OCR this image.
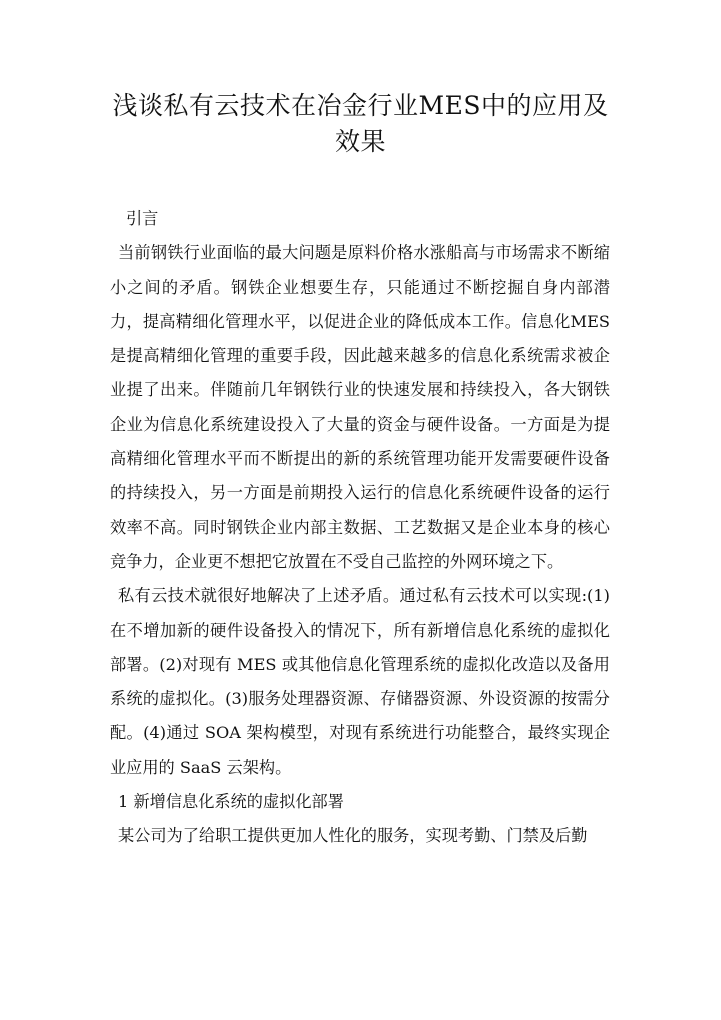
浅谈私有云技术在冶金行业MES中的应用及效果

引言

当前钢铁行业面临的最大问题是原料价格水涨船高与市场需求不断缩小之间的矛盾。钢铁企业想要生存，只能通过不断挖掘自身内部潜力，提高精细化管理水平，以促进企业的降低成本工作。信息化MES是提高精细化管理的重要手段，因此越来越多的信息化系统需求被企业提了出来。伴随前几年钢铁行业的快速发展和持续投入，各大钢铁企业为信息化系统建设投入了大量的资金与硬件设备。一方面是为提高精细化管理水平而不断提出的新的系统管理功能开发需要硬件设备的持续投入，另一方面是前期投入运行的信息化系统硬件设备的运行效率不高。同时钢铁企业内部主数据、工艺数据又是企业本身的核心竞争力，企业更不想把它放置在不受自己监控的外网环境之下。

私有云技术就很好地解决了上述矛盾。通过私有云技术可以实现:(1)在不增加新的硬件设备投入的情况下，所有新增信息化系统的虚拟化部署。(2)对现有 MES 或其他信息化管理系统的虚拟化改造以及备用系统的虚拟化。(3)服务处理器资源、存储器资源、外设资源的按需分配。(4)通过 SOA 架构模型，对现有系统进行功能整合，最终实现企业应用的 SaaS 云架构。

1 新增信息化系统的虚拟化部署

某公司为了给职工提供更加人性化的服务，实现考勤、门禁及后勤
